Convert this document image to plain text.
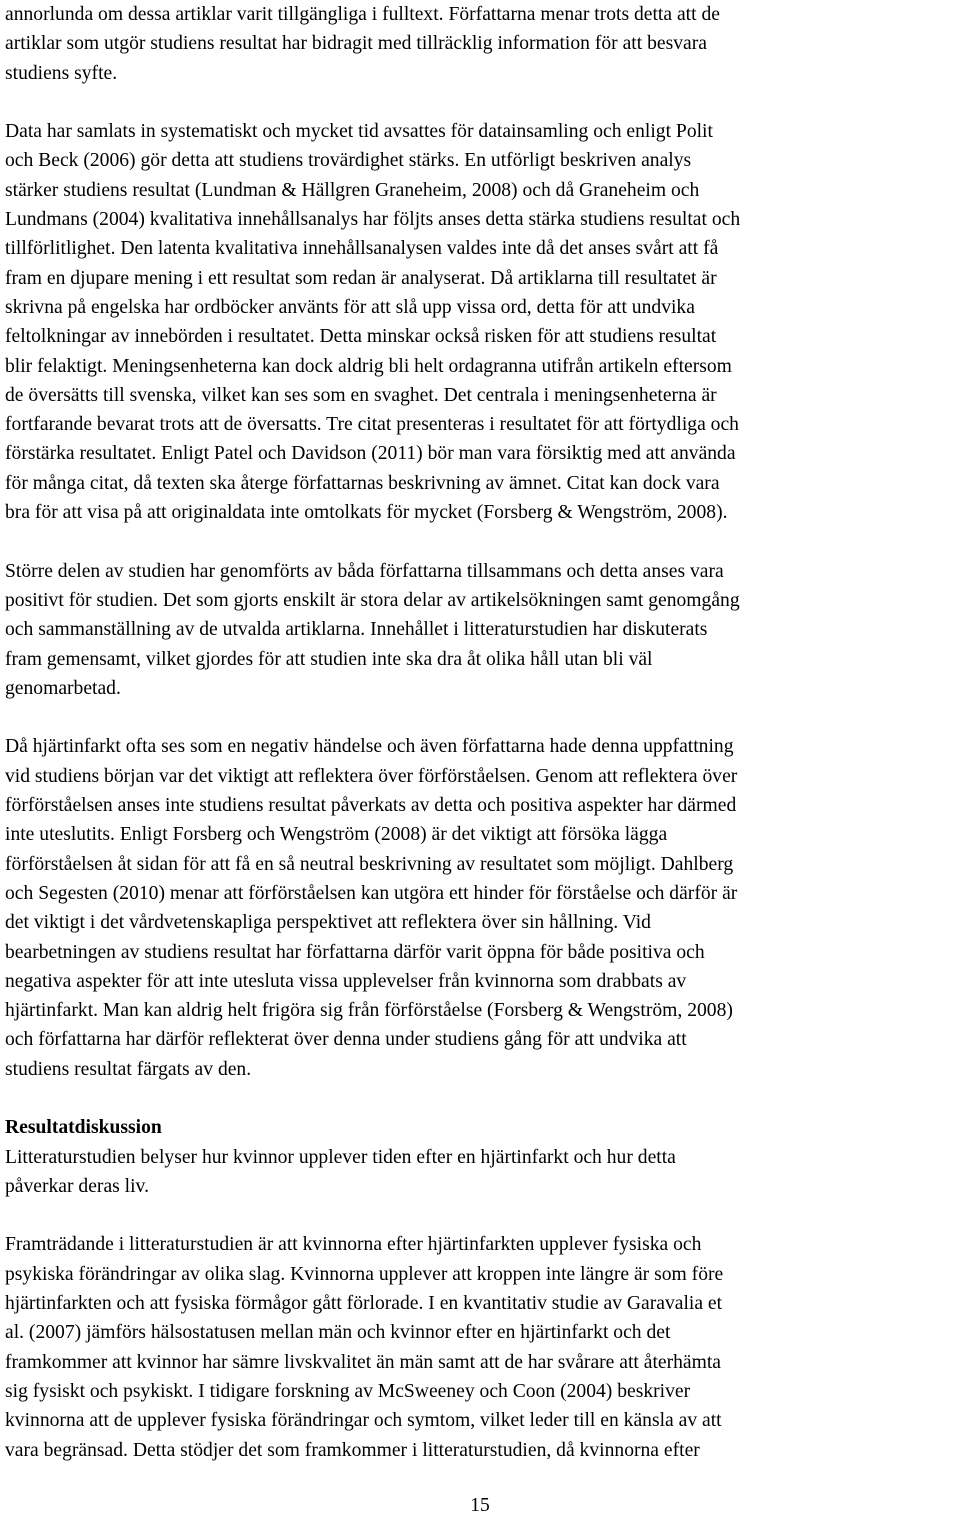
annorlunda om dessa artiklar varit tillgängliga i fulltext. Författarna menar trots detta att de
artiklar som utgör studiens resultat har bidragit med tillräcklig information för att besvara
studiens syfte.
Data har samlats in systematiskt och mycket tid avsattes för datainsamling och enligt Polit
och Beck (2006) gör detta att studiens trovärdighet stärks. En utförligt beskriven analys
stärker studiens resultat (Lundman & Hällgren Graneheim, 2008) och då Graneheim och
Lundmans (2004) kvalitativa innehållsanalys har följts anses detta stärka studiens resultat och
tillförlitlighet. Den latenta kvalitativa innehållsanalysen valdes inte då det anses svårt att få
fram en djupare mening i ett resultat som redan är analyserat. Då artiklarna till resultatet är
skrivna på engelska har ordböcker använts för att slå upp vissa ord, detta för att undvika
feltolkningar av innebörden i resultatet. Detta minskar också risken för att studiens resultat
blir felaktigt. Meningsenheterna kan dock aldrig bli helt ordagranna utifrån artikeln eftersom
de översätts till svenska, vilket kan ses som en svaghet. Det centrala i meningsenheterna är
fortfarande bevarat trots att de översatts. Tre citat presenteras i resultatet för att förtydliga och
förstärka resultatet. Enligt Patel och Davidson (2011) bör man vara försiktig med att använda
för många citat, då texten ska återge författarnas beskrivning av ämnet. Citat kan dock vara
bra för att visa på att originaldata inte omtolkats för mycket (Forsberg & Wengström, 2008).
Större delen av studien har genomförts av båda författarna tillsammans och detta anses vara
positivt för studien. Det som gjorts enskilt är stora delar av artikelsökningen samt genomgång
och sammanställning av de utvalda artiklarna. Innehållet i litteraturstudien har diskuterats
fram gemensamt, vilket gjordes för att studien inte ska dra åt olika håll utan bli väl
genomarbetad.
Då hjärtinfarkt ofta ses som en negativ händelse och även författarna hade denna uppfattning
vid studiens början var det viktigt att reflektera över förförståelsen. Genom att reflektera över
förförståelsen anses inte studiens resultat påverkats av detta och positiva aspekter har därmed
inte uteslutits. Enligt Forsberg och Wengström (2008) är det viktigt att försöka lägga
förförståelsen åt sidan för att få en så neutral beskrivning av resultatet som möjligt. Dahlberg
och Segesten (2010) menar att förförståelsen kan utgöra ett hinder för förståelse och därför är
det viktigt i det vårdvetenskapliga perspektivet att reflektera över sin hållning. Vid
bearbetningen av studiens resultat har författarna därför varit öppna för både positiva och
negativa aspekter för att inte utesluta vissa upplevelser från kvinnorna som drabbats av
hjärtinfarkt. Man kan aldrig helt frigöra sig från förförståelse (Forsberg & Wengström, 2008)
och författarna har därför reflekterat över denna under studiens gång för att undvika att
studiens resultat färgats av den.
Resultatdiskussion
Litteraturstudien belyser hur kvinnor upplever tiden efter en hjärtinfarkt och hur detta
påverkar deras liv.
Framträdande i litteraturstudien är att kvinnorna efter hjärtinfarkten upplever fysiska och
psykiska förändringar av olika slag. Kvinnorna upplever att kroppen inte längre är som före
hjärtinfarkten och att fysiska förmågor gått förlorade. I en kvantitativ studie av Garavalia et
al. (2007) jämförs hälsostatusen mellan män och kvinnor efter en hjärtinfarkt och det
framkommer att kvinnor har sämre livskvalitet än män samt att de har svårare att återhämta
sig fysiskt och psykiskt. I tidigare forskning av McSweeney och Coon (2004) beskriver
kvinnorna att de upplever fysiska förändringar och symtom, vilket leder till en känsla av att
vara begränsad. Detta stödjer det som framkommer i litteraturstudien, då kvinnorna efter
15
